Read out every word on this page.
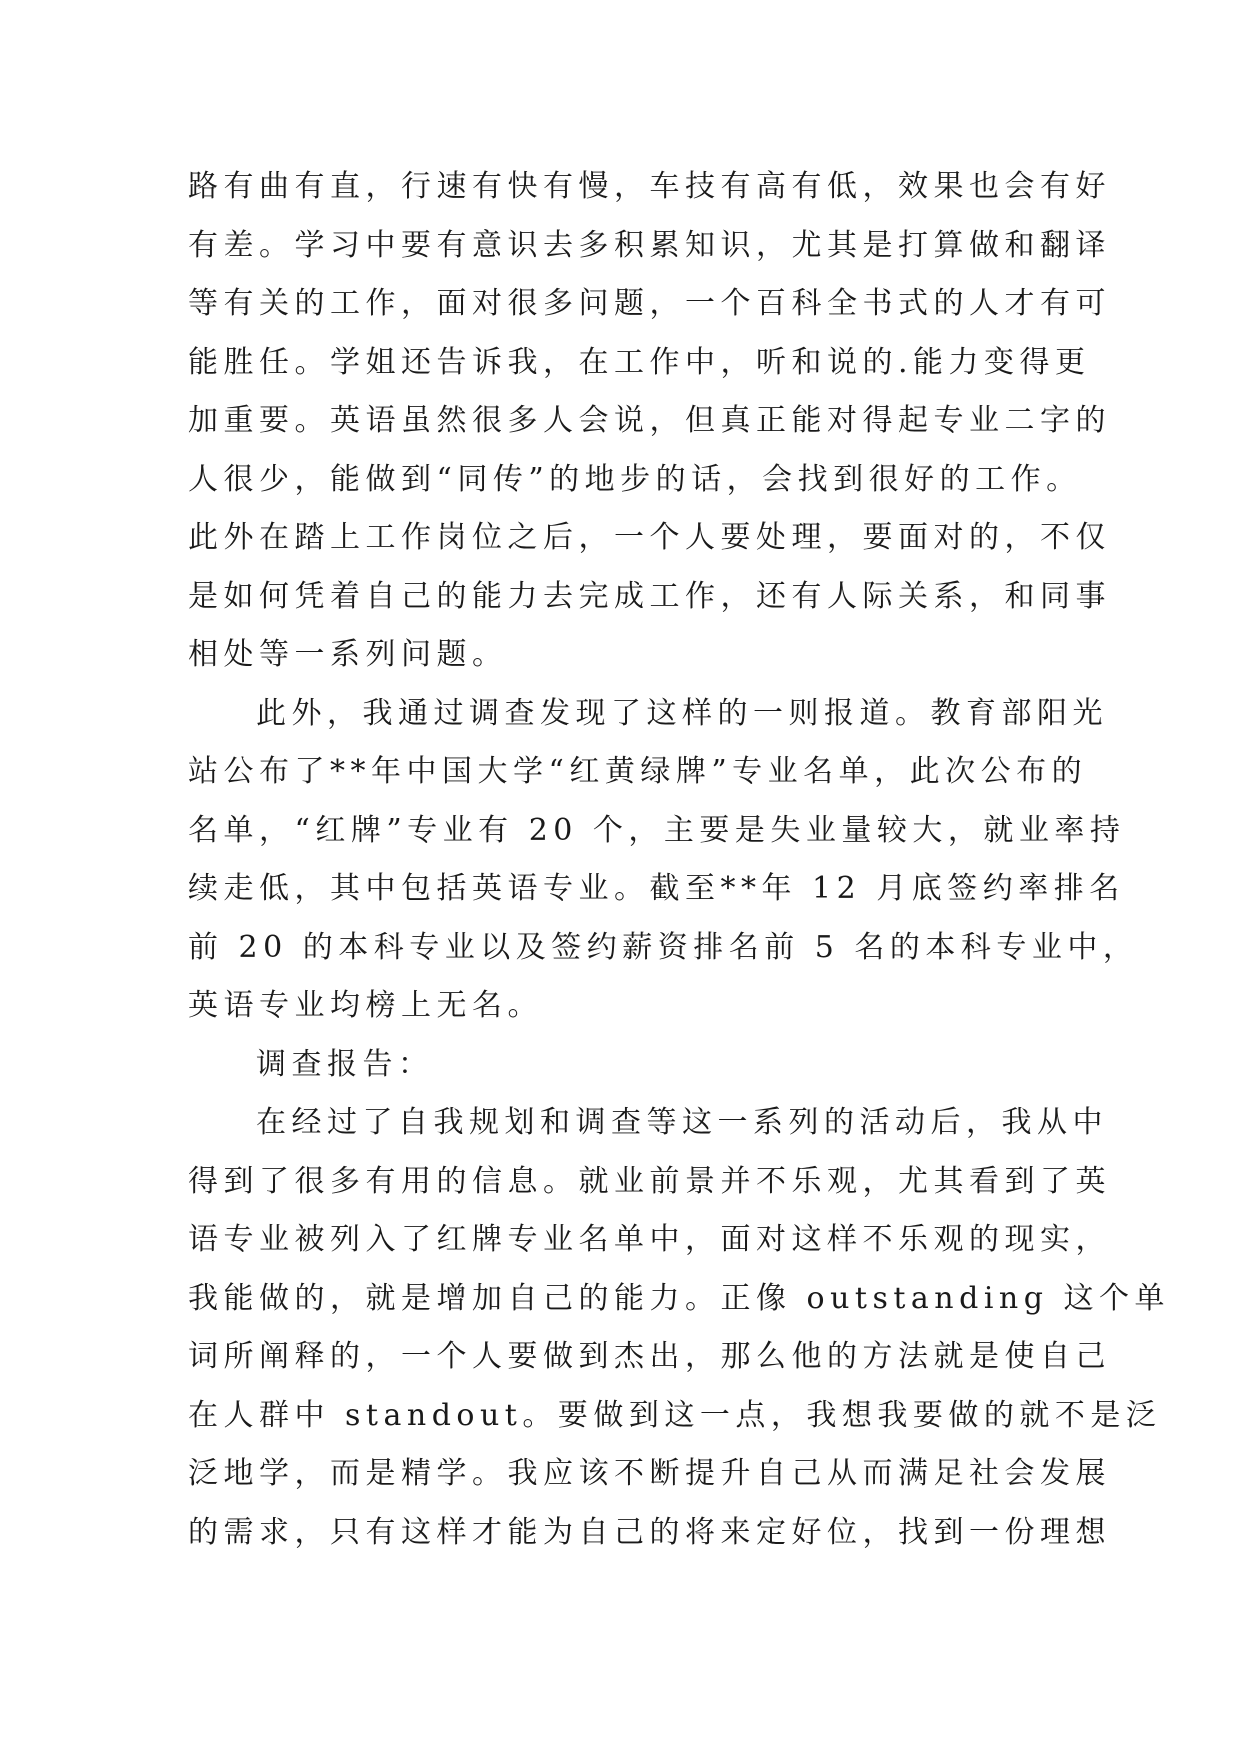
路有曲有直，行速有快有慢，车技有高有低，效果也会有好
有差。学习中要有意识去多积累知识，尤其是打算做和翻译
等有关的工作，面对很多问题，一个百科全书式的人才有可
能胜任。学姐还告诉我，在工作中，听和说的.能力变得更
加重要。英语虽然很多人会说，但真正能对得起专业二字的
人很少，能做到“同传”的地步的话，会找到很好的工作。
此外在踏上工作岗位之后，一个人要处理，要面对的，不仅
是如何凭着自己的能力去完成工作，还有人际关系，和同事
相处等一系列问题。
此外，我通过调查发现了这样的一则报道。教育部阳光
站公布了**年中国大学“红黄绿牌”专业名单，此次公布的
名单，“红牌”专业有 20 个，主要是失业量较大，就业率持
续走低，其中包括英语专业。截至**年 12 月底签约率排名
前 20 的本科专业以及签约薪资排名前 5 名的本科专业中，
英语专业均榜上无名。
调查报告：
在经过了自我规划和调查等这一系列的活动后，我从中
得到了很多有用的信息。就业前景并不乐观，尤其看到了英
语专业被列入了红牌专业名单中，面对这样不乐观的现实，
我能做的，就是增加自己的能力。正像 outstanding 这个单
词所阐释的，一个人要做到杰出，那么他的方法就是使自己
在人群中 standout。要做到这一点，我想我要做的就不是泛
泛地学，而是精学。我应该不断提升自己从而满足社会发展
的需求，只有这样才能为自己的将来定好位，找到一份理想
